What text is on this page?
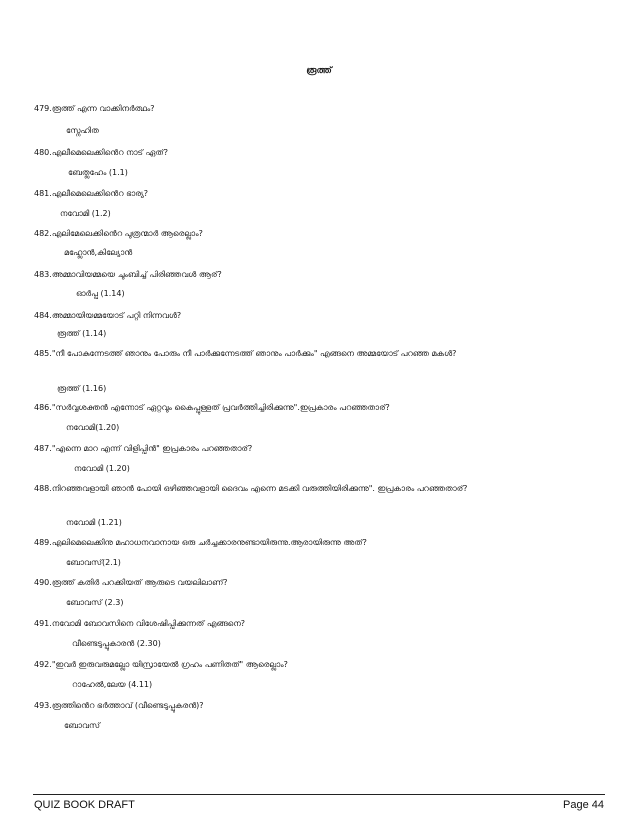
രൂത്ത്
479.രൂത്ത് എന്ന വാക്കിനർത്ഥം?
സ്നേഹിത
480.എലീമെലെക്കിൻെറ നാട് ഏത്?
ബേത്ലഹേം (1.1)
481.എലീമെലെക്കിൻെറ ഭാര്യ?
നവോമി (1.2)
482.എലിമേലെക്കിൻെറ പുത്രന്മാർ ആരെല്ലാം?
മഹ്ലോൻ,കില്യോൻ
483.അമ്മാവിയമ്മയെ ചുംബിച്ച് പിരിഞ്ഞവൾ ആര്?
ഓർപ്പ (1.14)
484.അമ്മായിയമ്മയോട് പറ്റി നിന്നവൾ?
രൂത്ത് (1.14)
485."നീ പോകുന്നേടത്ത് ഞാനും പോരും നീ പാർക്കുന്നേടത്ത് ഞാനും പാർക്കും" എങ്ങനെ അമ്മയോട് പറഞ്ഞ മകൾ?
രൂത്ത് (1.16)
486."സർവ്വശക്തൻ എന്നോട് ഏറ്റവും കൈപ്പുള്ളത് പ്രവർത്തിച്ചിരിക്കുന്നു".ഇപ്രകാരം പറഞ്ഞതാര്?
നവോമി(1.20)
487."എന്നെ മാറ എന്ന് വിളിപ്പിൻ" ഇപ്രകാരം പറഞ്ഞതാര്?
നവോമി (1.20)
488.നിറഞ്ഞവളായി ഞാൻ പോയി ഒഴിഞ്ഞവളായി ദൈവം എന്നെ മടക്കി വരുത്തിയിരിക്കുന്നു". ഇപ്രകാരം പറഞ്ഞതാര്?
നവോമി (1.21)
489.എലിമെലെക്കിനു മഹാധനവാനായ ഒരു ചർച്ചക്കാരനുണ്ടായിരുന്നു.ആരായിരുന്നു അത്?
ബോവസ്(2.1)
490.രൂത്ത് കതിർ പറക്കിയത് ആരുടെ വയലിലാണ്?
ബോവസ് (2.3)
491.നവോമി ബോവസിനെ വിശേഷിപ്പിക്കുന്നത് എങ്ങനെ?
വീണ്ടെടുപ്പുകാരൻ (2.30)
492."ഇവർ ഇരുവരുമല്ലോ യിസ്രായേൽ ഗ്രഹം പണിതത്" ആരെല്ലാം?
റാഹേൽ,ലേയ (4.11)
493.രൂത്തിൻെറ ഭർത്താവ് (വീണ്ടെടുപ്പുകരൻ)?
ബോവസ്
QUIZ BOOK DRAFT	Page 44
